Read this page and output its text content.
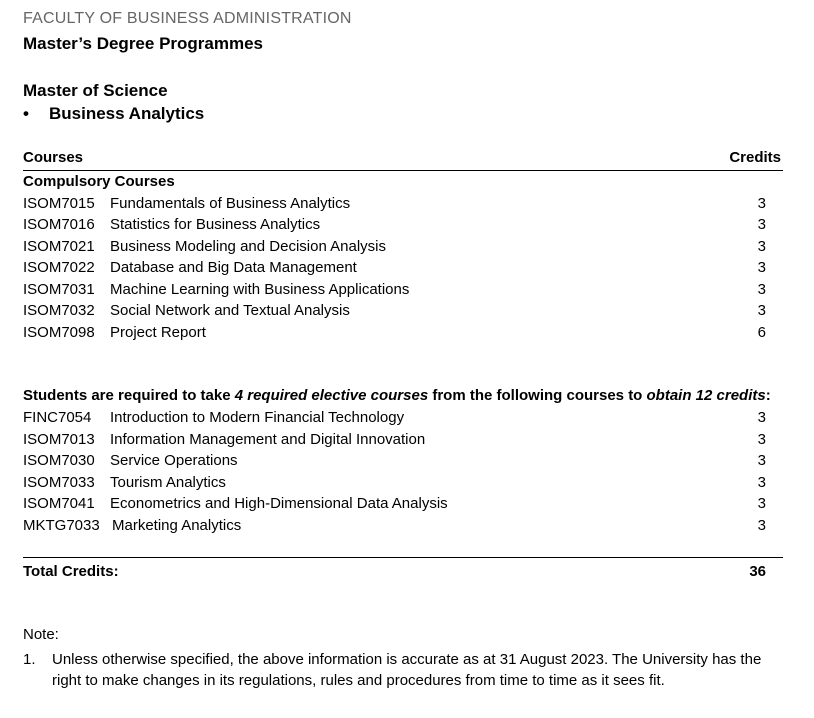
FACULTY OF BUSINESS ADMINISTRATION
Master’s Degree Programmes
Master of Science
• Business Analytics
Courses	Credits
Compulsory Courses
ISOM7015 Fundamentals of Business Analytics	3
ISOM7016 Statistics for Business Analytics	3
ISOM7021 Business Modeling and Decision Analysis	3
ISOM7022 Database and Big Data Management	3
ISOM7031 Machine Learning with Business Applications	3
ISOM7032 Social Network and Textual Analysis	3
ISOM7098 Project Report	6
Students are required to take 4 required elective courses from the following courses to obtain 12 credits:
FINC7054 Introduction to Modern Financial Technology	3
ISOM7013 Information Management and Digital Innovation	3
ISOM7030 Service Operations	3
ISOM7033 Tourism Analytics	3
ISOM7041 Econometrics and High-Dimensional Data Analysis	3
MKTG7033 Marketing Analytics	3
Total Credits:	36
Note:
1. Unless otherwise specified, the above information is accurate as at 31 August 2023. The University has the right to make changes in its regulations, rules and procedures from time to time as it sees fit.
